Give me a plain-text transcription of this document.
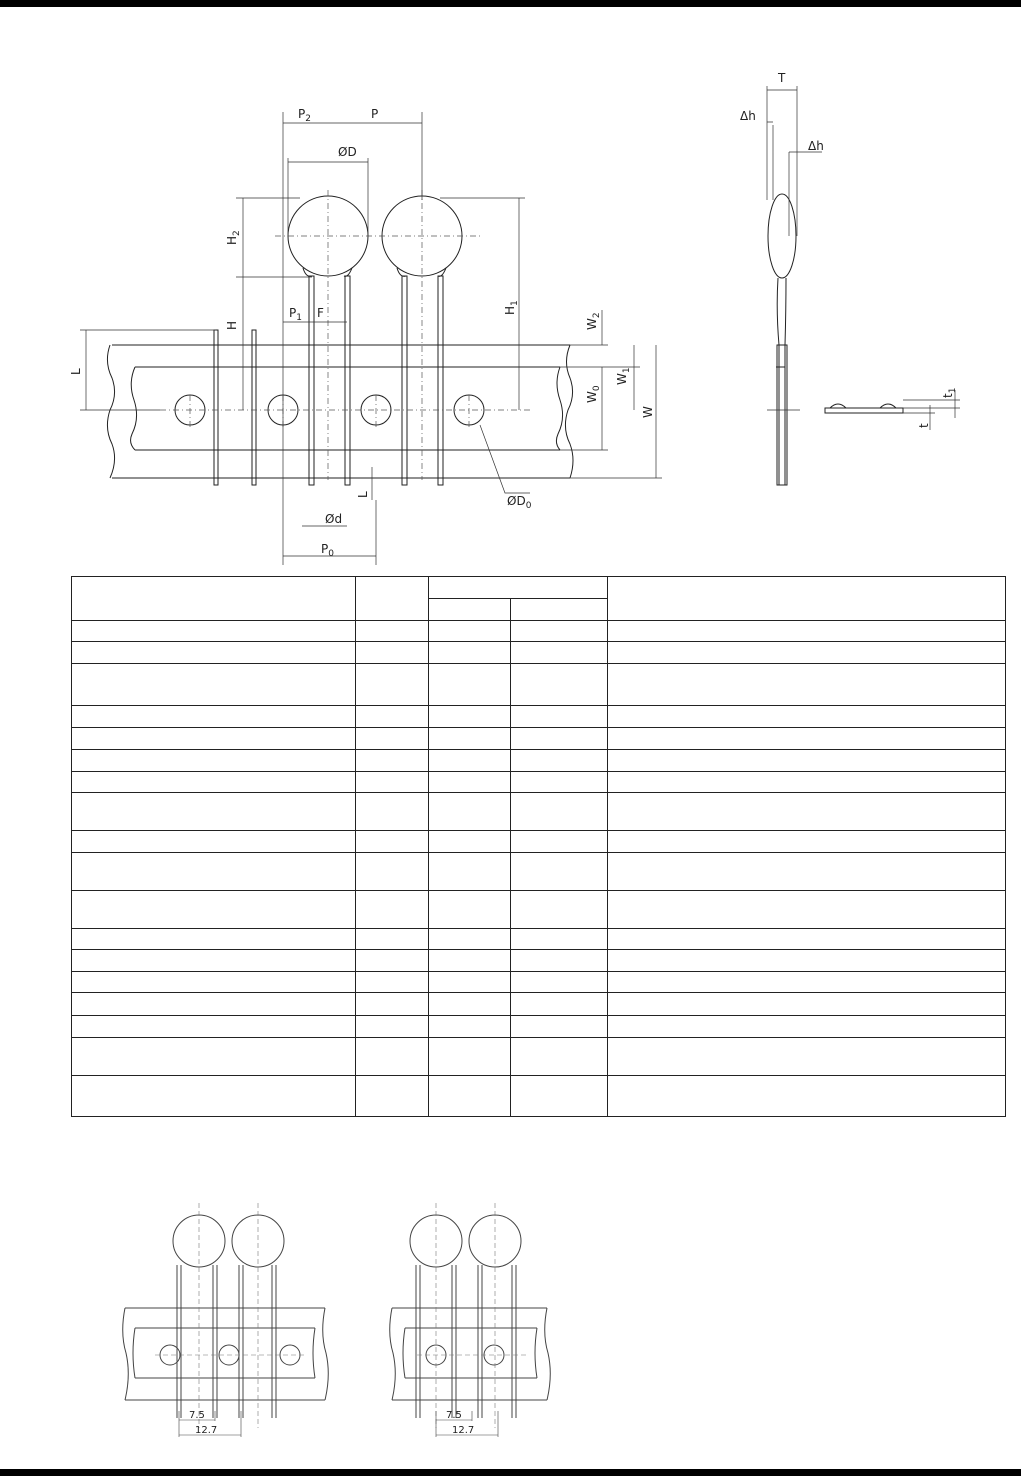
$P_2$	P
ØD
$H_2$
$H_1$
H
$P_1$ F
L
$W_2$
$W_1$
$W_0$
W
L	$ØD_0$
Ød
$P_0$
T
Δh
Δh
$t_1$
t

7.5
12.7
7.5
12.7
